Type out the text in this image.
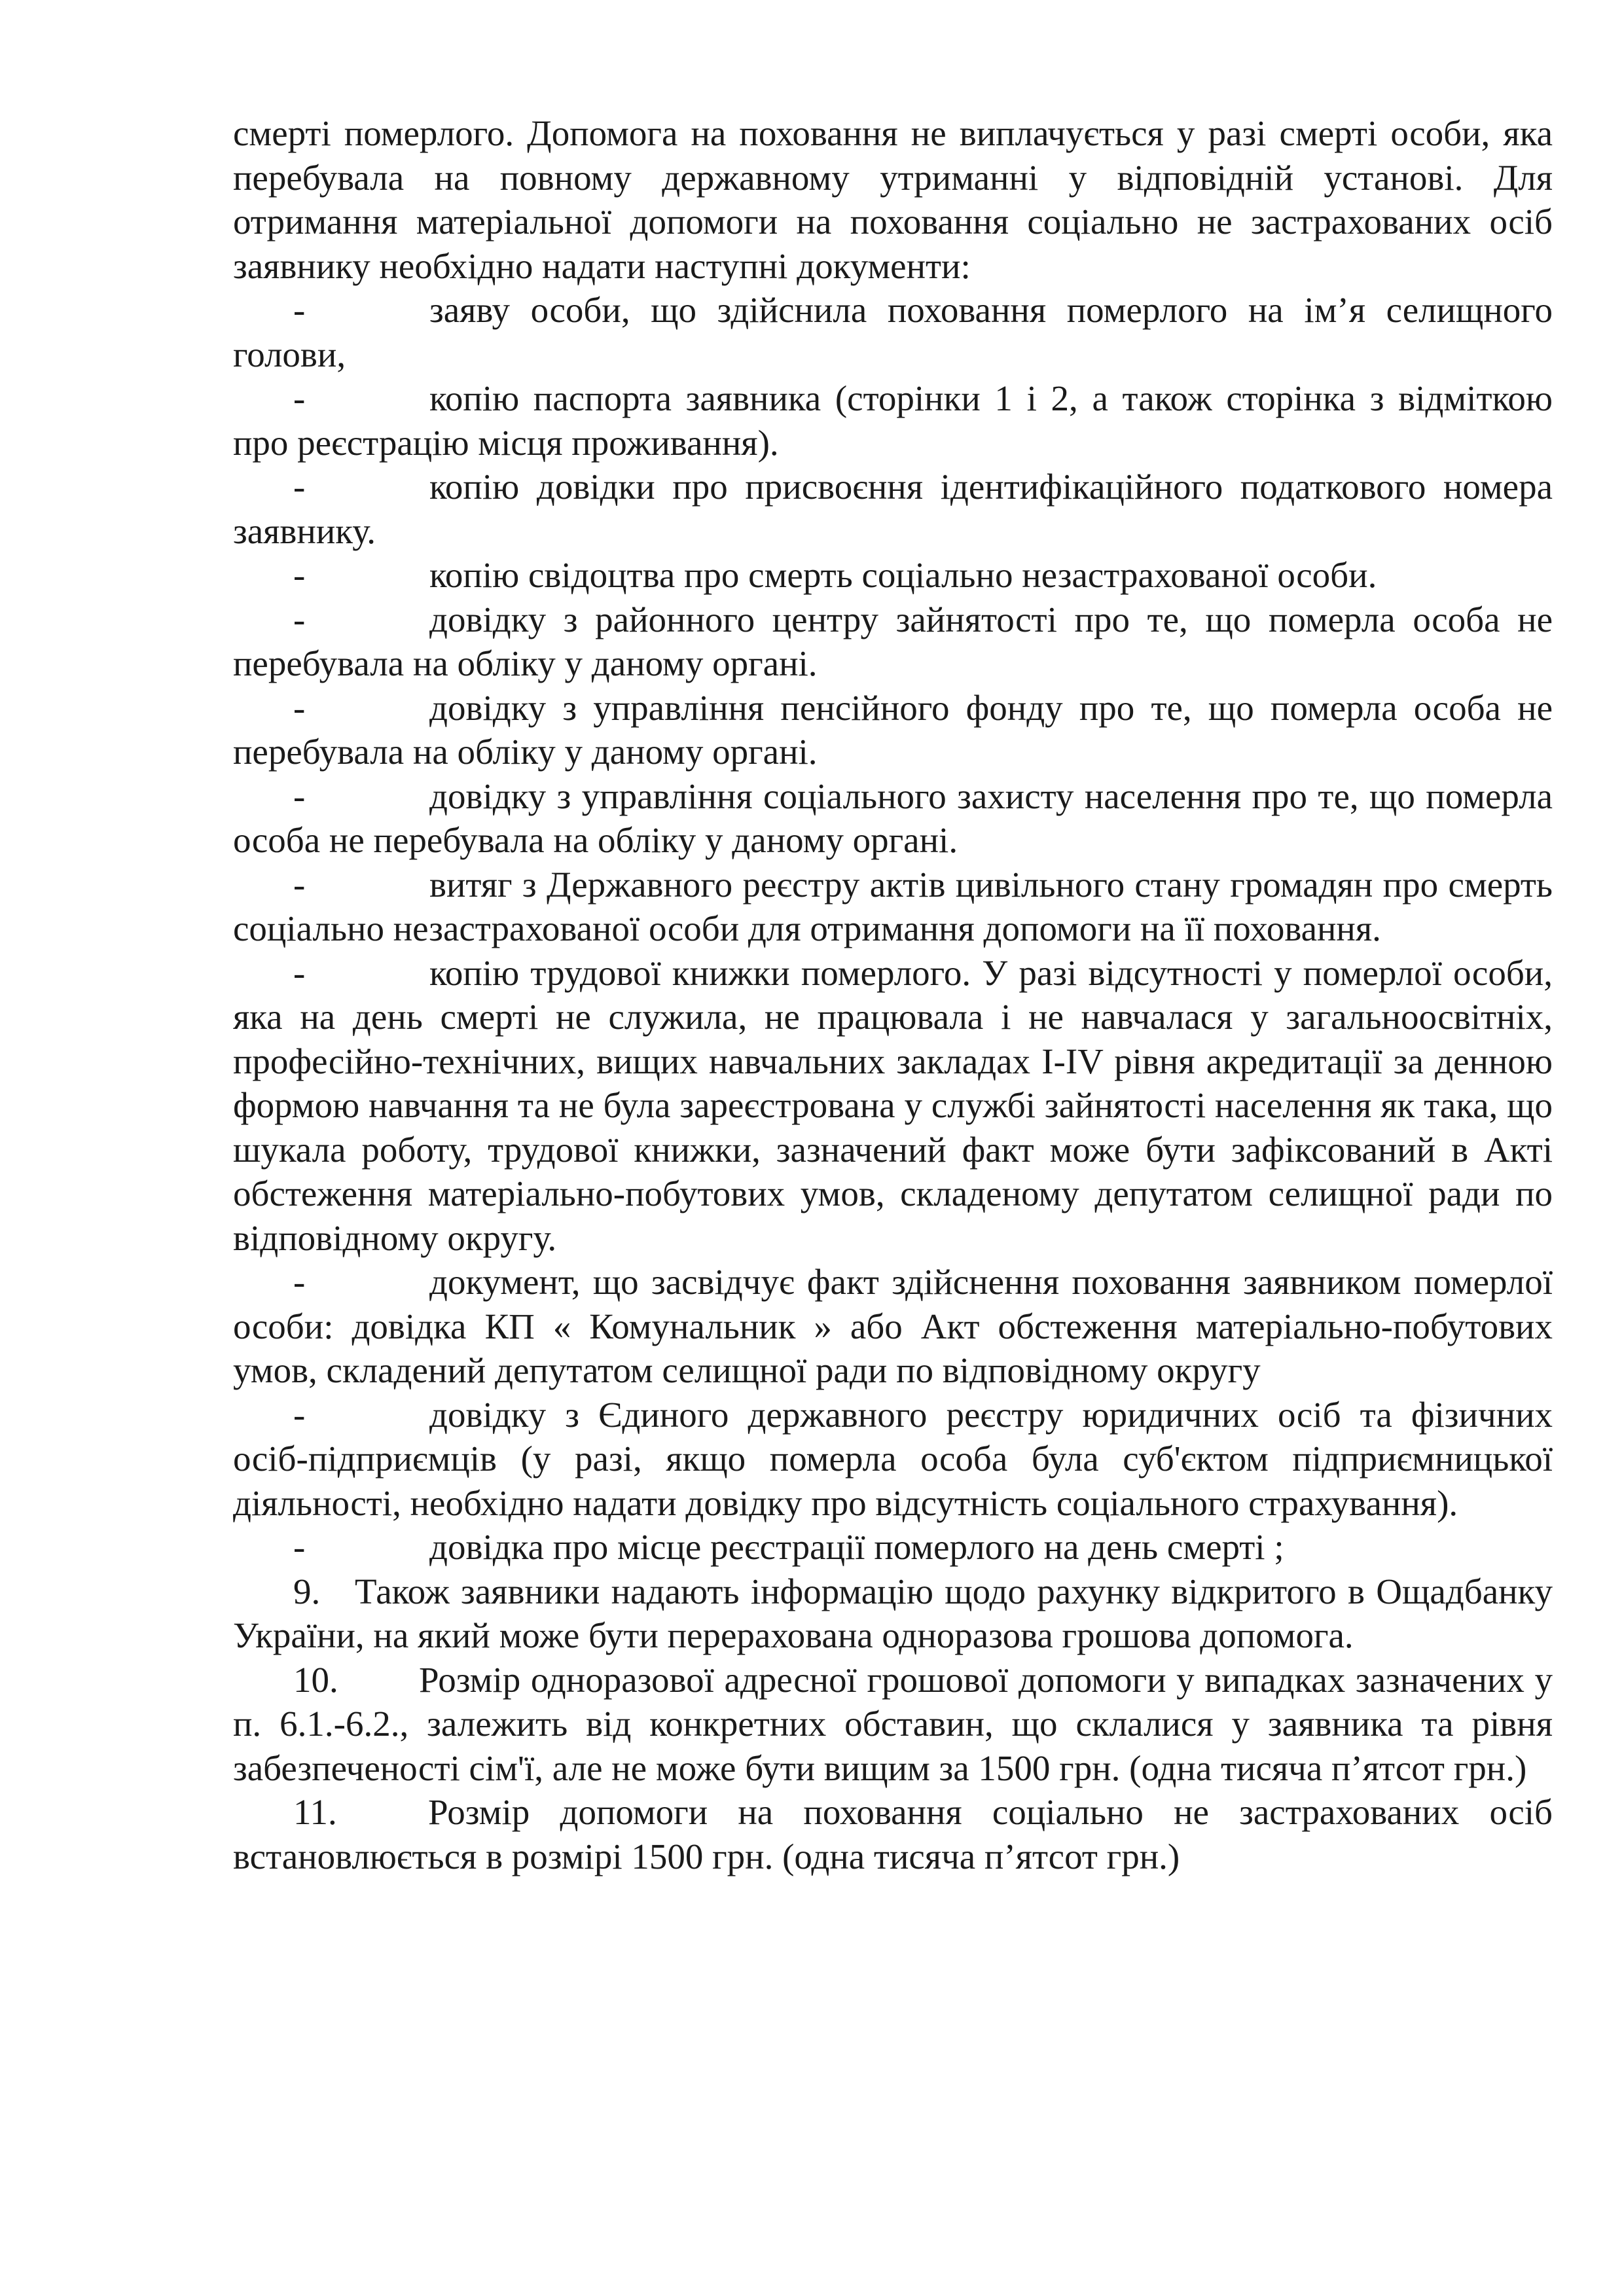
смерті померлого. Допомога на поховання не виплачується у разі смерті особи, яка перебувала на повному державному утриманні у відповідній установі. Для отримання матеріальної допомоги на поховання соціально не застрахованих осіб заявнику необхідно надати наступні документи:

-	заяву особи, що здійснила поховання померлого на ім’я селищного голови,

-	копію паспорта заявника (сторінки 1 і 2, а також сторінка з відміткою про реєстрацію місця проживання).

-	копію довідки про присвоєння ідентифікаційного податкового номера заявнику.

-	копію свідоцтва про смерть соціально незастрахованої особи.

-	довідку з районного центру зайнятості про те, що померла особа не перебувала на обліку у даному органі.

-	довідку з управління пенсійного фонду про те, що померла особа не перебувала на обліку у даному органі.

-	довідку з управління соціального захисту населення про те, що померла особа не перебувала на обліку у даному органі.

-	витяг з Державного реєстру актів цивільного стану громадян про смерть соціально незастрахованої особи для отримання допомоги на її поховання.

-	копію трудової книжки померлого. У разі відсутності у померлої особи, яка на день смерті не служила, не працювала і не навчалася у загальноосвітніх, професійно-технічних, вищих навчальних закладах I-IV рівня акредитації за денною формою навчання та не була зареєстрована у службі зайнятості населення як така, що шукала роботу, трудової книжки, зазначений факт може бути зафіксований в Акті обстеження матеріально-побутових умов, складеному депутатом селищної ради по відповідному округу.

-	документ, що засвідчує факт здійснення поховання заявником померлої особи: довідка КП « Комунальник » або Акт обстеження матеріально-побутових умов, складений депутатом селищної ради по відповідному округу

-	довідку з Єдиного державного реєстру юридичних осіб та фізичних осіб-підприємців (у разі, якщо померла особа була суб'єктом підприємницької діяльності, необхідно надати довідку про відсутність соціального страхування).

-	довідка про місце реєстрації померлого на день смерті ;

9. Також заявники надають інформацію щодо рахунку відкритого в Ощадбанку України, на який може бути перерахована одноразова грошова допомога.

10. Розмір одноразової адресної грошової допомоги у випадках зазначених у п. 6.1.-6.2., залежить від конкретних обставин, що склалися у заявника та рівня забезпеченості сім'ї, але не може бути вищим за 1500 грн. (одна тисяча п’ятсот грн.)

11.	Розмір допомоги на поховання соціально не застрахованих осіб встановлюється в розмірі 1500 грн. (одна тисяча п’ятсот грн.)
